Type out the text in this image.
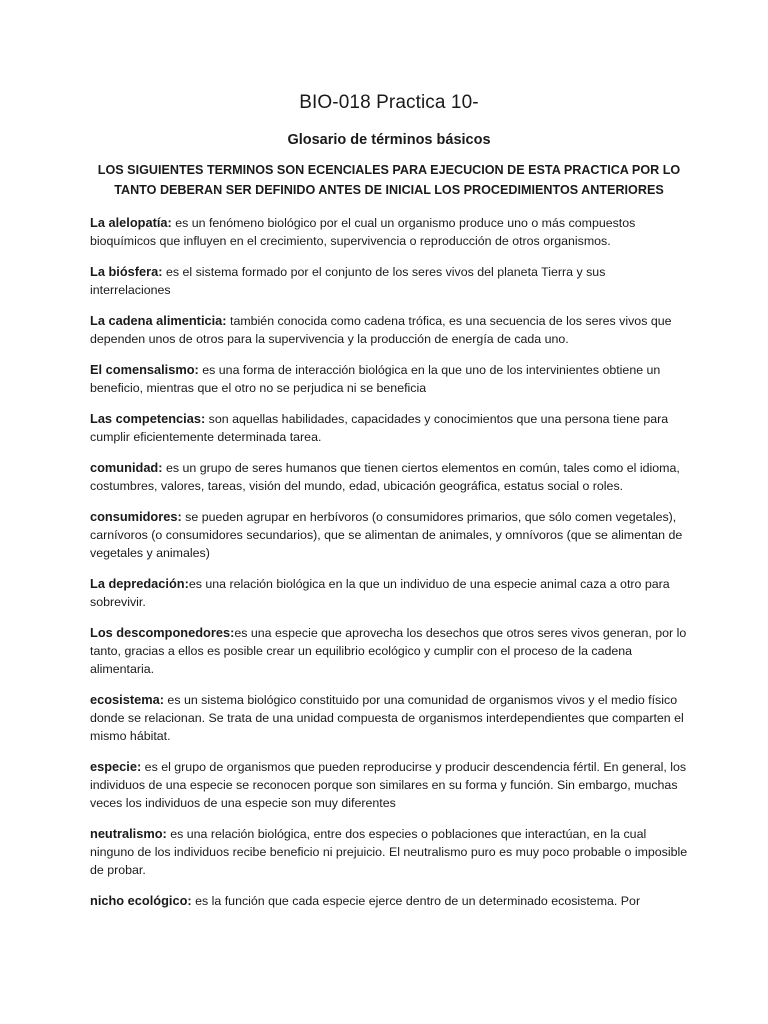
BIO-018 Practica 10-
Glosario de términos básicos

LOS SIGUIENTES TERMINOS SON ECENCIALES PARA EJECUCION DE ESTA PRACTICA POR LO TANTO DEBERAN SER DEFINIDO ANTES DE INICIAL LOS PROCEDIMIENTOS ANTERIORES

La alelopatía: es un fenómeno biológico por el cual un organismo produce uno o más compuestos bioquímicos que influyen en el crecimiento, supervivencia o reproducción de otros organismos.

La biósfera: es el sistema formado por el conjunto de los seres vivos del planeta Tierra y sus interrelaciones

La cadena alimenticia: también conocida como cadena trófica, es una secuencia de los seres vivos que dependen unos de otros para la supervivencia y la producción de energía de cada uno.

El comensalismo: es una forma de interacción biológica en la que uno de los intervinientes obtiene un beneficio, mientras que el otro no se perjudica ni se beneficia

Las competencias: son aquellas habilidades, capacidades y conocimientos que una persona tiene para cumplir eficientemente determinada tarea.

comunidad: es un grupo de seres humanos que tienen ciertos elementos en común, tales como el idioma, costumbres, valores, tareas, visión del mundo, edad, ubicación geográfica, estatus social o roles.

consumidores: se pueden agrupar en herbívoros (o consumidores primarios, que sólo comen vegetales), carnívoros (o consumidores secundarios), que se alimentan de animales, y omnívoros (que se alimentan de vegetales y animales)

La depredación:es una relación biológica en la que un individuo de una especie animal caza a otro para sobrevivir.

Los descomponedores:es una especie que aprovecha los desechos que otros seres vivos generan, por lo tanto, gracias a ellos es posible crear un equilibrio ecológico y cumplir con el proceso de la cadena alimentaria.

ecosistema: es un sistema biológico constituido por una comunidad de organismos vivos y el medio físico donde se relacionan. Se trata de una unidad compuesta de organismos interdependientes que comparten el mismo hábitat.

especie: es el grupo de organismos que pueden reproducirse y producir descendencia fértil. En general, los individuos de una especie se reconocen porque son similares en su forma y función. Sin embargo, muchas veces los individuos de una especie son muy diferentes

neutralismo: es una relación biológica, entre dos especies o poblaciones que interactúan, en la cual ninguno de los individuos recibe beneficio ni prejuicio. El neutralismo puro es muy poco probable o imposible de probar.

nicho ecológico: es la función que cada especie ejerce dentro de un determinado ecosistema. Por
